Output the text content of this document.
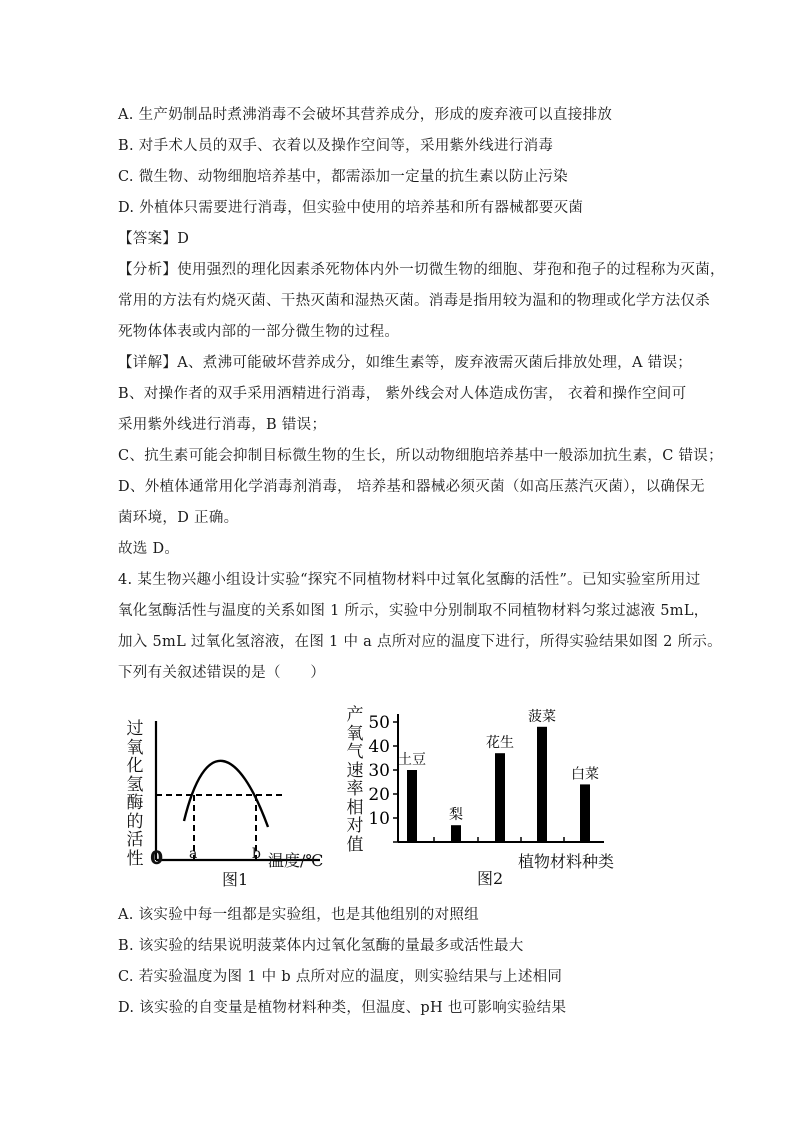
A. 生产奶制品时煮沸消毒不会破坏其营养成分，形成的废弃液可以直接排放
B. 对手术人员的双手、衣着以及操作空间等，采用紫外线进行消毒
C. 微生物、动物细胞培养基中，都需添加一定量的抗生素以防止污染
D. 外植体只需要进行消毒，但实验中使用的培养基和所有器械都要灭菌
【答案】D
【分析】使用强烈的理化因素杀死物体内外一切微生物的细胞、芽孢和孢子的过程称为灭菌，
常用的方法有灼烧灭菌、干热灭菌和湿热灭菌。消毒是指用较为温和的物理或化学方法仅杀
死物体体表或内部的一部分微生物的过程。
【详解】A、煮沸可能破坏营养成分，如维生素等，废弃液需灭菌后排放处理，A 错误；
B、对操作者的双手采用酒精进行消毒， 紫外线会对人体造成伤害， 衣着和操作空间可
采用紫外线进行消毒，B 错误；
C、抗生素可能会抑制目标微生物的生长，所以动物细胞培养基中一般添加抗生素，C 错误；
D、外植体通常用化学消毒剂消毒， 培养基和器械必须灭菌（如高压蒸汽灭菌），以确保无
菌环境，D 正确。
故选 D。
4. 某生物兴趣小组设计实验“探究不同植物材料中过氧化氢酶的活性”。已知实验室所用过
氧化氢酶活性与温度的关系如图 1 所示，实验中分别制取不同植物材料匀浆过滤液 5mL，
加入 5mL 过氧化氢溶液，在图 1 中 a 点所对应的温度下进行，所得实验结果如图 2 所示。
下列有关叙述错误的是（　　）
过
氧
化
氢
酶
的
活
性 0 a	b 温度/℃
图1
产
氧
气
速
率
相
对
值
10
20
30
40
50
土豆
梨
花生
菠菜
白菜
植物材料种类
图2
A. 该实验中每一组都是实验组，也是其他组别的对照组
B. 该实验的结果说明菠菜体内过氧化氢酶的量最多或活性最大
C. 若实验温度为图 1 中 b 点所对应的温度，则实验结果与上述相同
D. 该实验的自变量是植物材料种类，但温度、pH 也可影响实验结果
